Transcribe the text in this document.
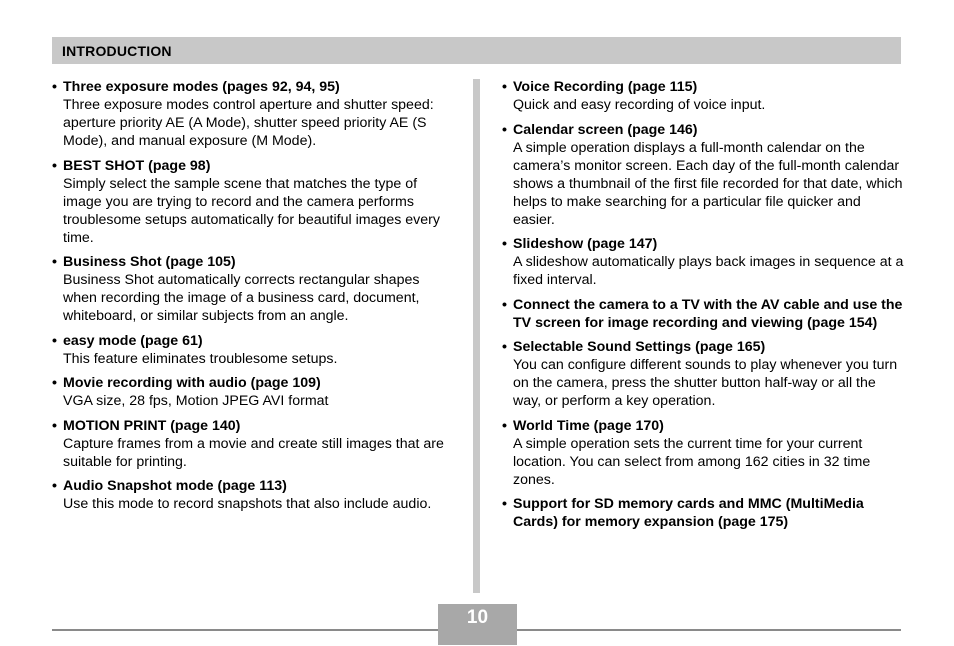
INTRODUCTION
• Three exposure modes (pages 92, 94, 95)
Three exposure modes control aperture and shutter speed: aperture priority AE (A Mode), shutter speed priority AE (S Mode), and manual exposure (M Mode).
• BEST SHOT (page 98)
Simply select the sample scene that matches the type of image you are trying to record and the camera performs troublesome setups automatically for beautiful images every time.
• Business Shot (page 105)
Business Shot automatically corrects rectangular shapes when recording the image of a business card, document, whiteboard, or similar subjects from an angle.
• easy mode (page 61)
This feature eliminates troublesome setups.
• Movie recording with audio (page 109)
VGA size, 28 fps, Motion JPEG AVI format
• MOTION PRINT (page 140)
Capture frames from a movie and create still images that are suitable for printing.
• Audio Snapshot mode (page 113)
Use this mode to record snapshots that also include audio.
• Voice Recording (page 115)
Quick and easy recording of voice input.
• Calendar screen (page 146)
A simple operation displays a full-month calendar on the camera’s monitor screen. Each day of the full-month calendar shows a thumbnail of the first file recorded for that date, which helps to make searching for a particular file quicker and easier.
• Slideshow (page 147)
A slideshow automatically plays back images in sequence at a fixed interval.
• Connect the camera to a TV with the AV cable and use the TV screen for image recording and viewing (page 154)
• Selectable Sound Settings (page 165)
You can configure different sounds to play whenever you turn on the camera, press the shutter button half-way or all the way, or perform a key operation.
• World Time (page 170)
A simple operation sets the current time for your current location. You can select from among 162 cities in 32 time zones.
• Support for SD memory cards and MMC (MultiMedia Cards) for memory expansion (page 175)
10
